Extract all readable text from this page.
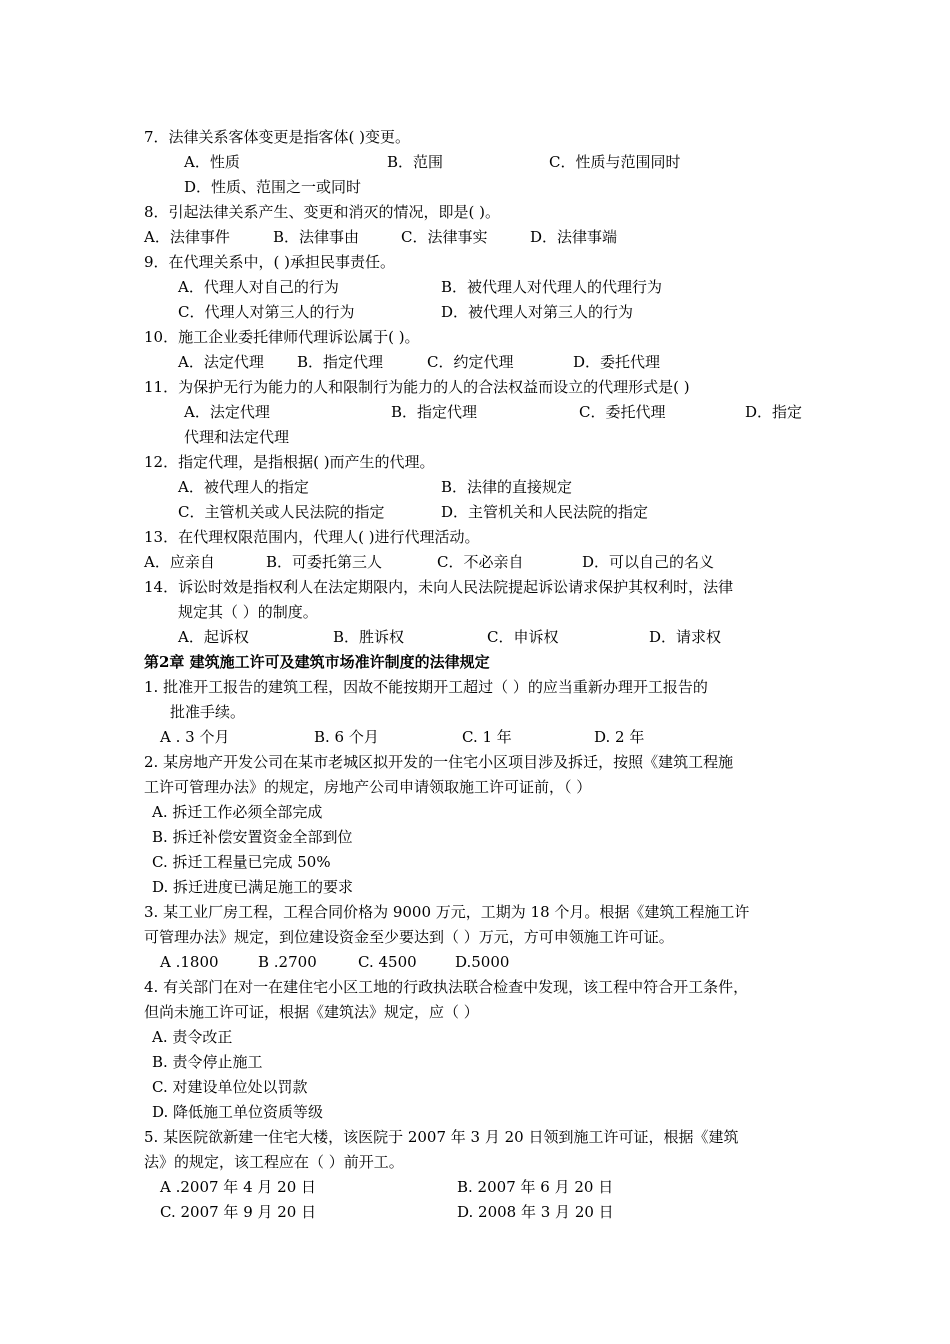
7．法律关系客体变更是指客体( )变更。
A．性质	B．范围	C．性质与范围同时
D．性质、范围之一或同时
8．引起法律关系产生、变更和消灭的情况，即是( )。
A．法律事件	B．法律事由	C．法律事实	D．法律事端
9．在代理关系中，( )承担民事责任。
A．代理人对自己的行为	B．被代理人对代理人的代理行为
C．代理人对第三人的行为	D．被代理人对第三人的行为
10．施工企业委托律师代理诉讼属于( )。
A．法定代理 B．指定代理	C．约定代理	D．委托代理
11．为保护无行为能力的人和限制行为能力的人的合法权益而设立的代理形式是( )
A．法定代理	B．指定代理	C．委托代理	D．指定
代理和法定代理
12．指定代理，是指根据( )而产生的代理。
A．被代理人的指定	B．法律的直接规定
C．主管机关或人民法院的指定	D．主管机关和人民法院的指定
13．在代理权限范围内，代理人( )进行代理活动。
A．应亲自	B．可委托第三人	C．不必亲自	D．可以自己的名义
14．诉讼时效是指权利人在法定期限内，未向人民法院提起诉讼请求保护其权利时，法律
规定其（ ）的制度。
A．起诉权	B．胜诉权	C．申诉权	D．请求权
第2章 建筑施工许可及建筑市场准许制度的法律规定
1. 批准开工报告的建筑工程，因故不能按期开工超过（ ）的应当重新办理开工报告的
批准手续。
A . 3 个月	B. 6 个月	C. 1 年	D. 2 年
2. 某房地产开发公司在某市老城区拟开发的一住宅小区项目涉及拆迁，按照《建筑工程施
工许可管理办法》的规定，房地产公司申请领取施工许可证前，（ ）
A. 拆迁工作必须全部完成
B. 拆迁补偿安置资金全部到位
C. 拆迁工程量已完成 50%
D. 拆迁进度已满足施工的要求
3. 某工业厂房工程，工程合同价格为 9000 万元，工期为 18 个月。根据《建筑工程施工许
可管理办法》规定，到位建设资金至少要达到（ ）万元，方可申领施工许可证。
A .1800	B .2700	C. 4500	D.5000
4. 有关部门在对一在建住宅小区工地的行政执法联合检查中发现，该工程中符合开工条件，
但尚未施工许可证，根据《建筑法》规定，应（ ）
A. 责令改正
B. 责令停止施工
C. 对建设单位处以罚款
D. 降低施工单位资质等级
5. 某医院欲新建一住宅大楼，该医院于 2007 年 3 月 20 日领到施工许可证，根据《建筑
法》的规定，该工程应在（ ）前开工。
A .2007 年 4 月 20 日	B. 2007 年 6 月 20 日
C. 2007 年 9 月 20 日	D. 2008 年 3 月 20 日
